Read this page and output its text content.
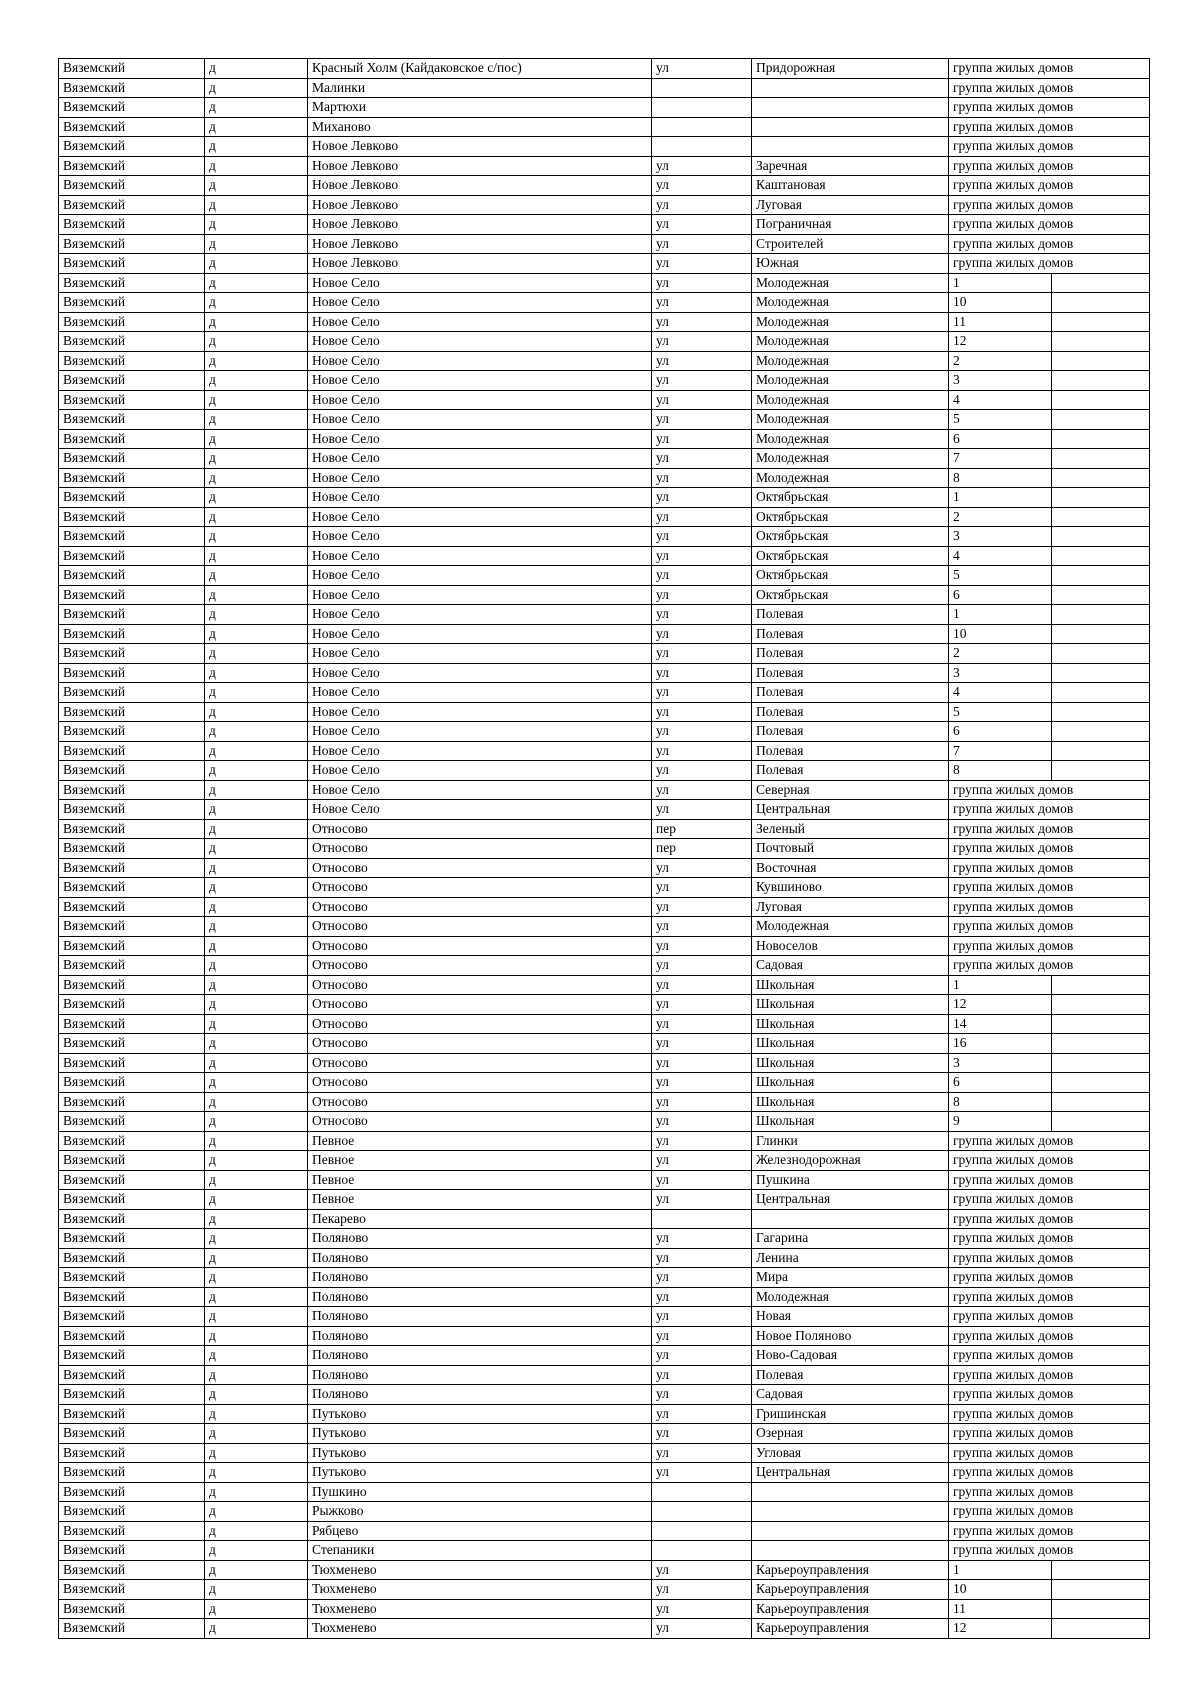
Вяземский	д	Красный Холм (Кайдаковское с/пос)	ул	Придорожная	группа жилых домов	
Вяземский	д	Малинки			группа жилых домов	
Вяземский	д	Мартюхи			группа жилых домов	
Вяземский	д	Миханово			группа жилых домов	
Вяземский	д	Новое Левково			группа жилых домов	
Вяземский	д	Новое Левково	ул	Заречная	группа жилых домов	
Вяземский	д	Новое Левково	ул	Каштановая	группа жилых домов	
Вяземский	д	Новое Левково	ул	Луговая	группа жилых домов	
Вяземский	д	Новое Левково	ул	Пограничная	группа жилых домов	
Вяземский	д	Новое Левково	ул	Строителей	группа жилых домов	
Вяземский	д	Новое Левково	ул	Южная	группа жилых домов	
Вяземский	д	Новое Село	ул	Молодежная	1	
Вяземский	д	Новое Село	ул	Молодежная	10	
Вяземский	д	Новое Село	ул	Молодежная	11	
Вяземский	д	Новое Село	ул	Молодежная	12	
Вяземский	д	Новое Село	ул	Молодежная	2	
Вяземский	д	Новое Село	ул	Молодежная	3	
Вяземский	д	Новое Село	ул	Молодежная	4	
Вяземский	д	Новое Село	ул	Молодежная	5	
Вяземский	д	Новое Село	ул	Молодежная	6	
Вяземский	д	Новое Село	ул	Молодежная	7	
Вяземский	д	Новое Село	ул	Молодежная	8	
Вяземский	д	Новое Село	ул	Октябрьская	1	
Вяземский	д	Новое Село	ул	Октябрьская	2	
Вяземский	д	Новое Село	ул	Октябрьская	3	
Вяземский	д	Новое Село	ул	Октябрьская	4	
Вяземский	д	Новое Село	ул	Октябрьская	5	
Вяземский	д	Новое Село	ул	Октябрьская	6	
Вяземский	д	Новое Село	ул	Полевая	1	
Вяземский	д	Новое Село	ул	Полевая	10	
Вяземский	д	Новое Село	ул	Полевая	2	
Вяземский	д	Новое Село	ул	Полевая	3	
Вяземский	д	Новое Село	ул	Полевая	4	
Вяземский	д	Новое Село	ул	Полевая	5	
Вяземский	д	Новое Село	ул	Полевая	6	
Вяземский	д	Новое Село	ул	Полевая	7	
Вяземский	д	Новое Село	ул	Полевая	8	
Вяземский	д	Новое Село	ул	Северная	группа жилых домов	
Вяземский	д	Новое Село	ул	Центральная	группа жилых домов	
Вяземский	д	Относово	пер	Зеленый	группа жилых домов	
Вяземский	д	Относово	пер	Почтовый	группа жилых домов	
Вяземский	д	Относово	ул	Восточная	группа жилых домов	
Вяземский	д	Относово	ул	Кувшиново	группа жилых домов	
Вяземский	д	Относово	ул	Луговая	группа жилых домов	
Вяземский	д	Относово	ул	Молодежная	группа жилых домов	
Вяземский	д	Относово	ул	Новоселов	группа жилых домов	
Вяземский	д	Относово	ул	Садовая	группа жилых домов	
Вяземский	д	Относово	ул	Школьная	1	
Вяземский	д	Относово	ул	Школьная	12	
Вяземский	д	Относово	ул	Школьная	14	
Вяземский	д	Относово	ул	Школьная	16	
Вяземский	д	Относово	ул	Школьная	3	
Вяземский	д	Относово	ул	Школьная	6	
Вяземский	д	Относово	ул	Школьная	8	
Вяземский	д	Относово	ул	Школьная	9	
Вяземский	д	Певное	ул	Глинки	группа жилых домов	
Вяземский	д	Певное	ул	Железнодорожная	группа жилых домов	
Вяземский	д	Певное	ул	Пушкина	группа жилых домов	
Вяземский	д	Певное	ул	Центральная	группа жилых домов	
Вяземский	д	Пекарево			группа жилых домов	
Вяземский	д	Поляново	ул	Гагарина	группа жилых домов	
Вяземский	д	Поляново	ул	Ленина	группа жилых домов	
Вяземский	д	Поляново	ул	Мира	группа жилых домов	
Вяземский	д	Поляново	ул	Молодежная	группа жилых домов	
Вяземский	д	Поляново	ул	Новая	группа жилых домов	
Вяземский	д	Поляново	ул	Новое Поляново	группа жилых домов	
Вяземский	д	Поляново	ул	Ново-Садовая	группа жилых домов	
Вяземский	д	Поляново	ул	Полевая	группа жилых домов	
Вяземский	д	Поляново	ул	Садовая	группа жилых домов	
Вяземский	д	Путьково	ул	Гришинская	группа жилых домов	
Вяземский	д	Путьково	ул	Озерная	группа жилых домов	
Вяземский	д	Путьково	ул	Угловая	группа жилых домов	
Вяземский	д	Путьково	ул	Центральная	группа жилых домов	
Вяземский	д	Пушкино			группа жилых домов	
Вяземский	д	Рыжково			группа жилых домов	
Вяземский	д	Рябцево			группа жилых домов	
Вяземский	д	Степаники			группа жилых домов	
Вяземский	д	Тюхменево	ул	Карьероуправления	1	
Вяземский	д	Тюхменево	ул	Карьероуправления	10	
Вяземский	д	Тюхменево	ул	Карьероуправления	11	
Вяземский	д	Тюхменево	ул	Карьероуправления	12	
